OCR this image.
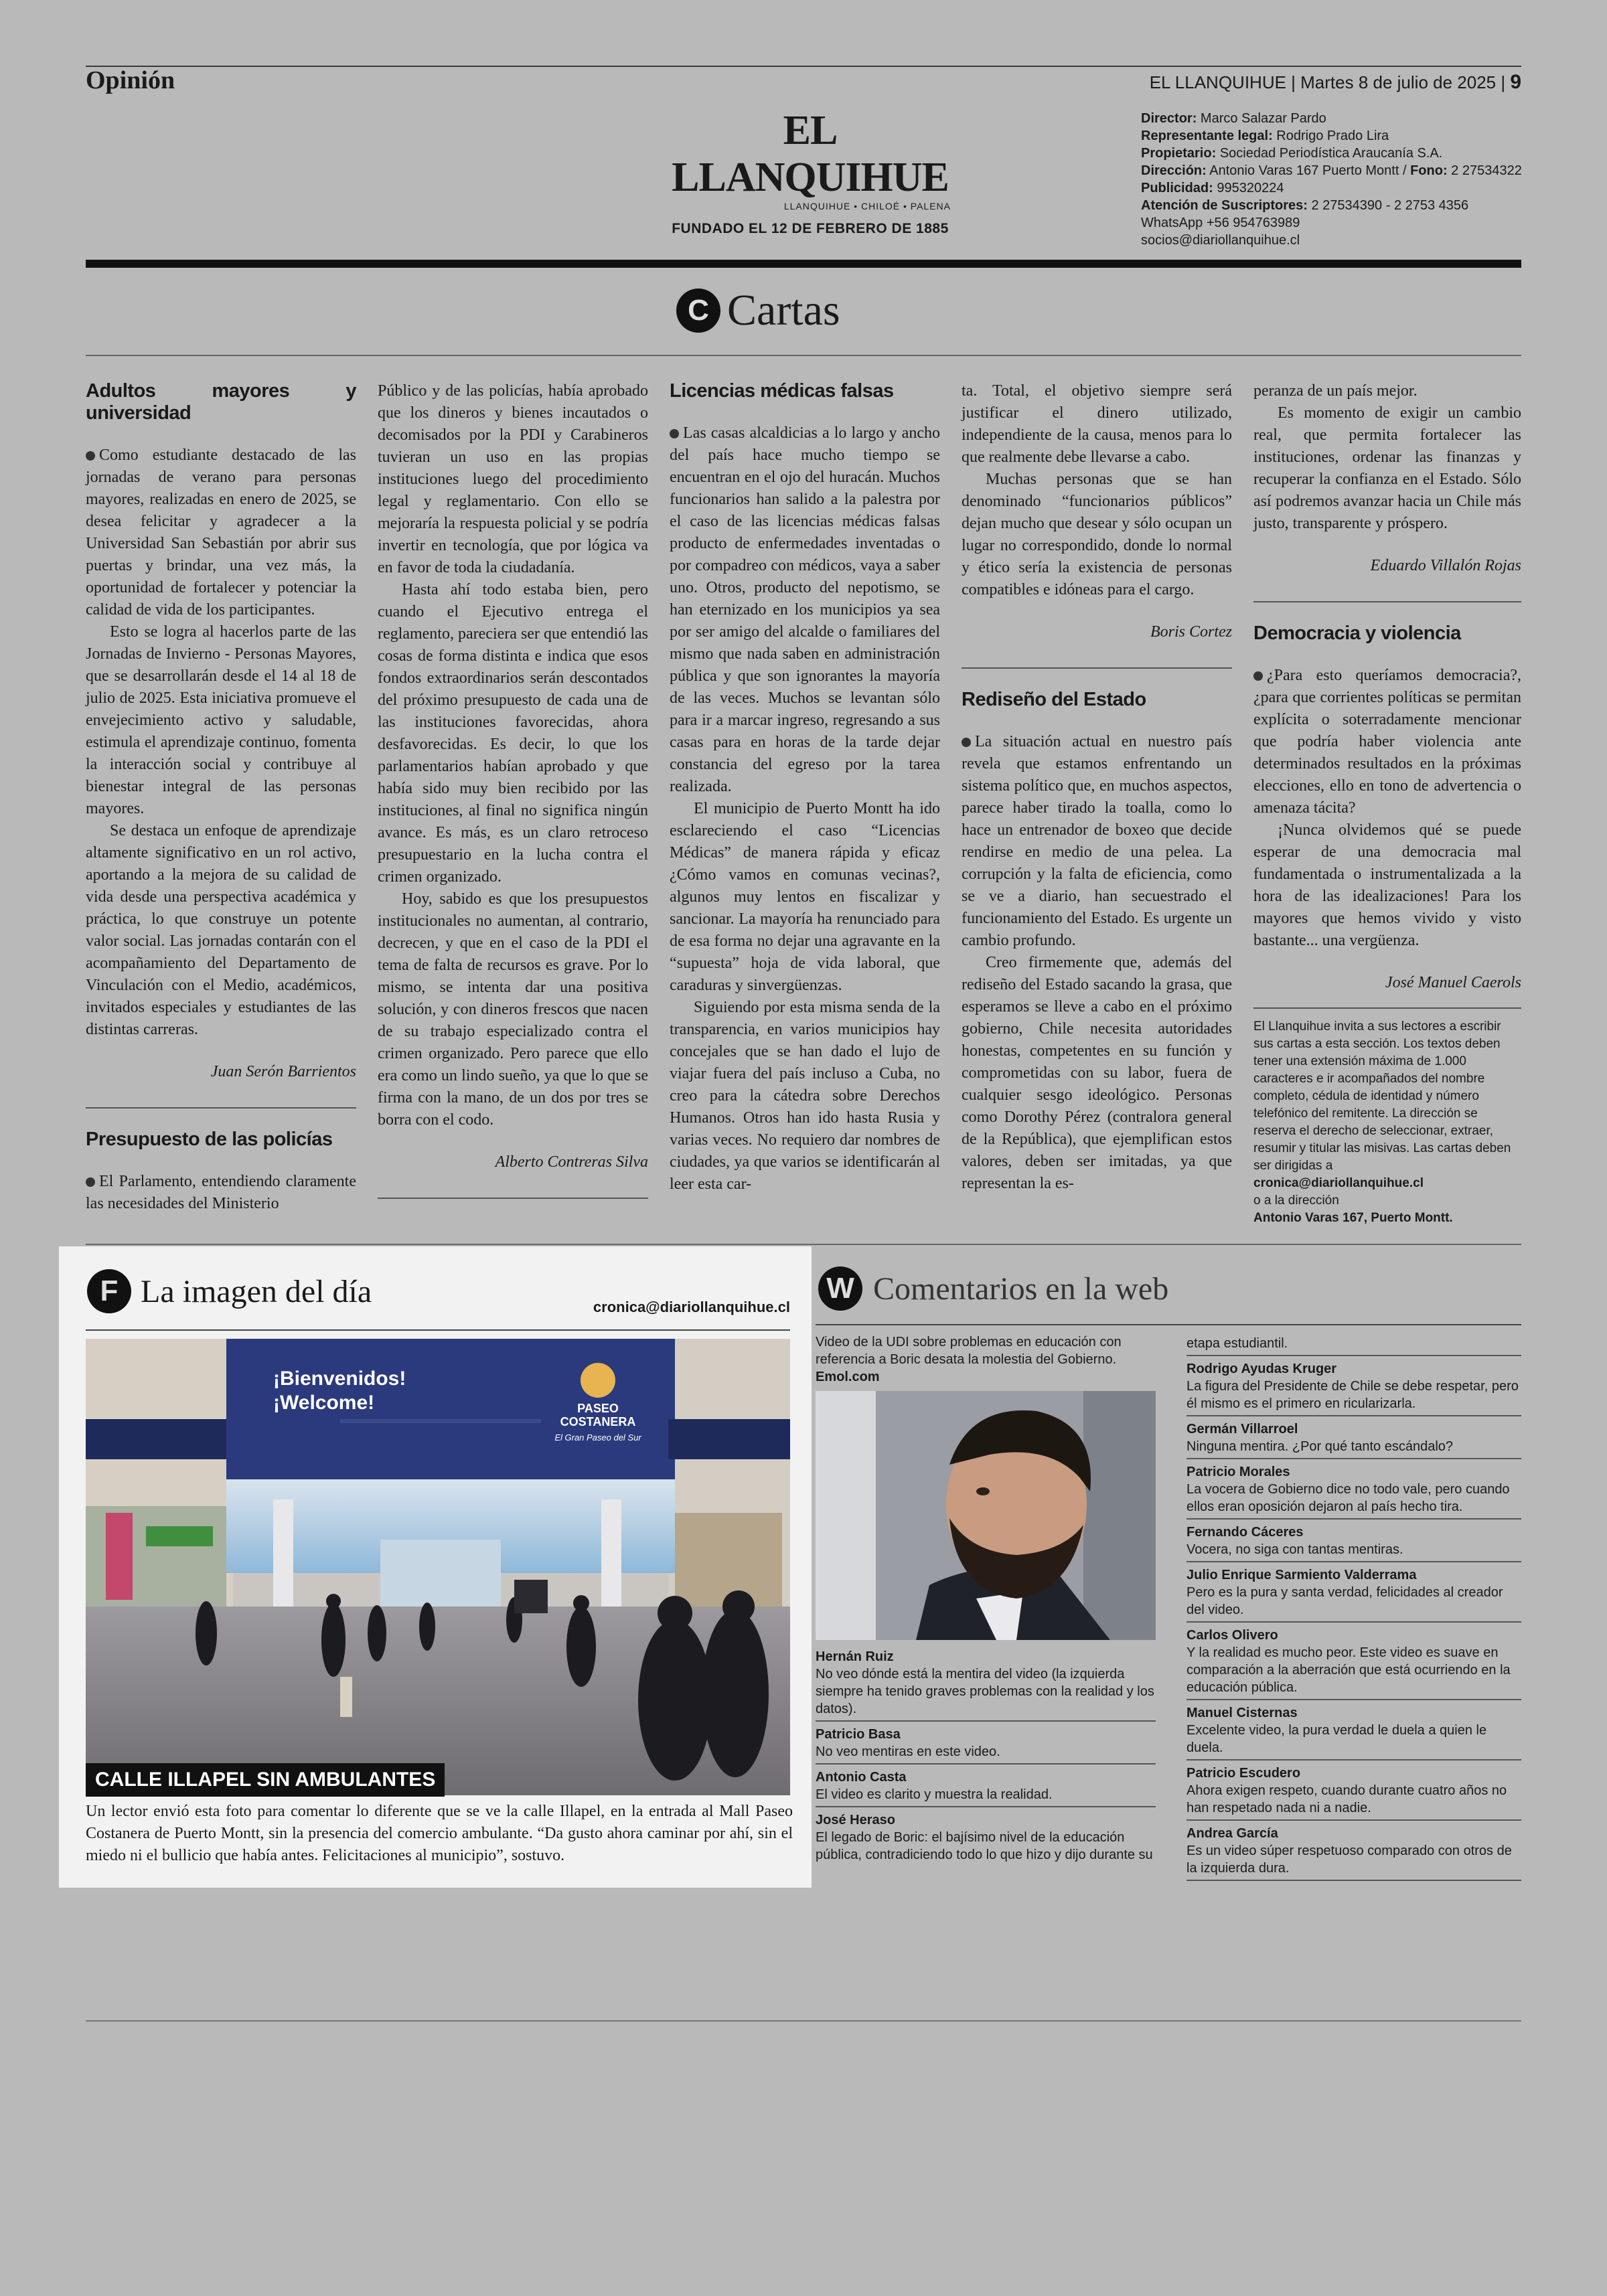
Opinión	EL LLANQUIHUE | Martes 8 de julio de 2025 | 9
EL LLANQUIHUE
LLANQUIHUE • CHILOÉ • PALENA
FUNDADO EL 12 DE FEBRERO DE 1885
Director: Marco Salazar Pardo
Representante legal: Rodrigo Prado Lira
Propietario: Sociedad Periodística Araucanía S.A.
Dirección: Antonio Varas 167 Puerto Montt / Fono: 2 27534322
Publicidad: 995320224
Atención de Suscriptores: 2 27534390 - 2 2753 4356
WhatsApp +56 954763989
socios@diariollanquihue.cl
C Cartas
Adultos mayores y universidad

Como estudiante destacado de las jornadas de verano para personas mayores, realizadas en enero de 2025, se desea felicitar y agradecer a la Universidad San Sebastián por abrir sus puertas y brindar, una vez más, la oportunidad de fortalecer y potenciar la calidad de vida de los participantes.

Esto se logra al hacerlos parte de las Jornadas de Invierno - Personas Mayores, que se desarrollarán desde el 14 al 18 de julio de 2025. Esta iniciativa promueve el envejecimiento activo y saludable, estimula el aprendizaje continuo, fomenta la interacción social y contribuye al bienestar integral de las personas mayores.

Se destaca un enfoque de aprendizaje altamente significativo en un rol activo, aportando a la mejora de su calidad de vida desde una perspectiva académica y práctica, lo que construye un potente valor social. Las jornadas contarán con el acompañamiento del Departamento de Vinculación con el Medio, académicos, invitados especiales y estudiantes de las distintas carreras.

Juan Serón Barrientos
Presupuesto de las policías

El Parlamento, entendiendo claramente las necesidades del Ministerio

Público y de las policías, había aprobado que los dineros y bienes incautados o decomisados por la PDI y Carabineros tuvieran un uso en las propias instituciones luego del procedimiento legal y reglamentario. Con ello se mejoraría la respuesta policial y se podría invertir en tecnología, que por lógica va en favor de toda la ciudadanía.

Hasta ahí todo estaba bien, pero cuando el Ejecutivo entrega el reglamento, pareciera ser que entendió las cosas de forma distinta e indica que esos fondos extraordinarios serán descontados del próximo presupuesto de cada una de las instituciones favorecidas, ahora desfavorecidas. Es decir, lo que los parlamentarios habían aprobado y que había sido muy bien recibido por las instituciones, al final no significa ningún avance. Es más, es un claro retroceso presupuestario en la lucha contra el crimen organizado.

Hoy, sabido es que los presupuestos institucionales no aumentan, al contrario, decrecen, y que en el caso de la PDI el tema de falta de recursos es grave. Por lo mismo, se intenta dar una positiva solución, y con dineros frescos que nacen de su trabajo especializado contra el crimen organizado. Pero parece que ello era como un lindo sueño, ya que lo que se firma con la mano, de un dos por tres se borra con el codo.

Alberto Contreras Silva
Licencias médicas falsas

Las casas alcaldicias a lo largo y ancho del país hace mucho tiempo se encuentran en el ojo del huracán. Muchos funcionarios han salido a la palestra por el caso de las licencias médicas falsas producto de enfermedades inventadas o por compadreo con médicos, vaya a saber uno. Otros, producto del nepotismo, se han eternizado en los municipios ya sea por ser amigo del alcalde o familiares del mismo que nada saben en administración pública y que son ignorantes la mayoría de las veces. Muchos se levantan sólo para ir a marcar ingreso, regresando a sus casas para en horas de la tarde dejar constancia del egreso por la tarea realizada.

El municipio de Puerto Montt ha ido esclareciendo el caso “Licencias Médicas” de manera rápida y eficaz ¿Cómo vamos en comunas vecinas?, algunos muy lentos en fiscalizar y sancionar. La mayoría ha renunciado para de esa forma no dejar una agravante en la “supuesta” hoja de vida laboral, que caraduras y sinvergüenzas.

Siguiendo por esta misma senda de la transparencia, en varios municipios hay concejales que se han dado el lujo de viajar fuera del país incluso a Cuba, no creo para la cátedra sobre Derechos Humanos. Otros han ido hasta Rusia y varias veces. No requiero dar nombres de ciudades, ya que varios se identificarán al leer esta car-

ta. Total, el objetivo siempre será justificar el dinero utilizado, independiente de la causa, menos para lo que realmente debe llevarse a cabo.

Muchas personas que se han denominado “funcionarios públicos” dejan mucho que desear y sólo ocupan un lugar no correspondido, donde lo normal y ético sería la existencia de personas compatibles e idóneas para el cargo.

Boris Cortez
Rediseño del Estado

La situación actual en nuestro país revela que estamos enfrentando un sistema político que, en muchos aspectos, parece haber tirado la toalla, como lo hace un entrenador de boxeo que decide rendirse en medio de una pelea. La corrupción y la falta de eficiencia, como se ve a diario, han secuestrado el funcionamiento del Estado. Es urgente un cambio profundo.

Creo firmemente que, además del rediseño del Estado sacando la grasa, que esperamos se lleve a cabo en el próximo gobierno, Chile necesita autoridades honestas, competentes en su función y comprometidas con su labor, fuera de cualquier sesgo ideológico. Personas como Dorothy Pérez (contralora general de la República), que ejemplifican estos valores, deben ser imitadas, ya que representan la es-

peranza de un país mejor.

Es momento de exigir un cambio real, que permita fortalecer las instituciones, ordenar las finanzas y recuperar la confianza en el Estado. Sólo así podremos avanzar hacia un Chile más justo, transparente y próspero.

Eduardo Villalón Rojas
Democracia y violencia

¿Para esto queríamos democracia?, ¿para que corrientes políticas se permitan explícita o soterradamente mencionar que podría haber violencia ante determinados resultados en la próximas elecciones, ello en tono de advertencia o amenaza tácita?

¡Nunca olvidemos qué se puede esperar de una democracia mal fundamentada o instrumentalizada a la hora de las idealizaciones! Para los mayores que hemos vivido y visto bastante... una vergüenza.

José Manuel Caerols
El Llanquihue invita a sus lectores a escribir sus cartas a esta sección. Los textos deben tener una extensión máxima de 1.000 caracteres e ir acompañados del nombre completo, cédula de identidad y número telefónico del remitente. La dirección se reserva el derecho de seleccionar, extraer, resumir y titular las misivas. Las cartas deben ser dirigidas a
cronica@diariollanquihue.cl
o a la dirección
Antonio Varas 167, Puerto Montt.
F La imagen del día	cronica@diariollanquihue.cl
¡Bienvenidos!
¡Welcome!	PASEO COSTANERA
El Gran Paseo del Sur
CALLE ILLAPEL SIN AMBULANTES
Un lector envió esta foto para comentar lo diferente que se ve la calle Illapel, en la entrada al Mall Paseo Costanera de Puerto Montt, sin la presencia del comercio ambulante. “Da gusto ahora caminar por ahí, sin el miedo ni el bullicio que había antes. Felicitaciones al municipio”, sostuvo.
W Comentarios en la web
Video de la UDI sobre problemas en educación con referencia a Boric desata la molestia del Gobierno. Emol.com
Hernán Ruiz
No veo dónde está la mentira del video (la izquierda siempre ha tenido graves problemas con la realidad y los datos).
Patricio Basa
No veo mentiras en este video.
Antonio Casta
El video es clarito y muestra la realidad.
José Heraso
El legado de Boric: el bajísimo nivel de la educación pública, contradiciendo todo lo que hizo y dijo durante su
etapa estudiantil.
Rodrigo Ayudas Kruger
La figura del Presidente de Chile se debe respetar, pero él mismo es el primero en ricularizarla.
Germán Villarroel
Ninguna mentira. ¿Por qué tanto escándalo?
Patricio Morales
La vocera de Gobierno dice no todo vale, pero cuando ellos eran oposición dejaron al país hecho tira.
Fernando Cáceres
Vocera, no siga con tantas mentiras.
Julio Enrique Sarmiento Valderrama
Pero es la pura y santa verdad, felicidades al creador del video.
Carlos Olivero
Y la realidad es mucho peor. Este video es suave en comparación a la aberración que está ocurriendo en la educación pública.
Manuel Cisternas
Excelente video, la pura verdad le duela a quien le duela.
Patricio Escudero
Ahora exigen respeto, cuando durante cuatro años no han respetado nada ni a nadie.
Andrea García
Es un video súper respetuoso comparado con otros de la izquierda dura.
